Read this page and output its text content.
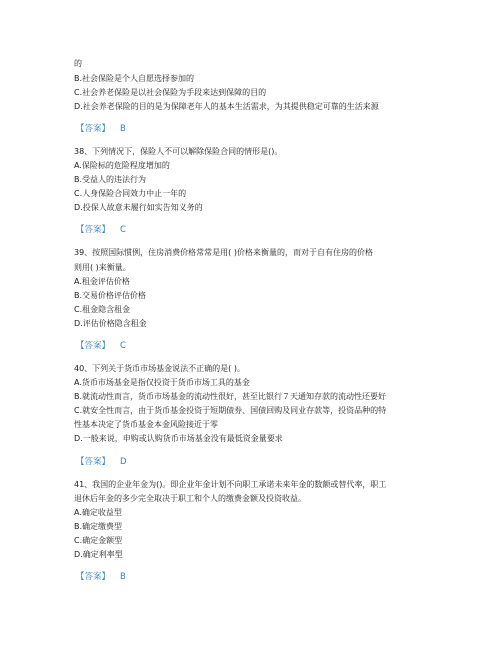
的
B.社会保险是个人自愿选择参加的
C.社会养老保险是以社会保险为手段来达到保障的目的
D.社会养老保险的目的是为保障老年人的基本生活需求，为其提供稳定可靠的生活来源
【答案】 B
38、下列情况下，保险人不可以解除保险合同的情形是()。
A.保险标的危险程度增加的
B.受益人的违法行为
C.人身保险合同效力中止一年的
D.投保人故意未履行如实告知义务的
【答案】 C
39、按照国际惯例，住房消费价格常常是用( )价格来衡量的，而对于自有住房的价格
则用( )来衡量。
A.租金评估价格
B.交易价格评估价格
C.租金隐含租金
D.评估价格隐含租金
【答案】 C
40、下列关于货币市场基金说法不正确的是( )。
A.货币市场基金是指仅投资于货币市场工具的基金
B.就流动性而言，货币市场基金的流动性很好，甚至比银行７天通知存款的流动性还要好
C.就安全性而言，由于货币基金投资于短期债券、国债回购及同业存款等，投资品种的特
性基本决定了货币基金本金风险接近于零
D.一般来说，申购或认购货币市场基金没有最低资金量要求
【答案】 D
41、我国的企业年金为()。即企业年金计划不向职工承诺未来年金的数额或替代率，职工
退休后年金的多少完全取决于职工和个人的缴费金额及投资收益。
A.确定收益型
B.确定缴费型
C.确定金额型
D.确定利率型
【答案】 B
